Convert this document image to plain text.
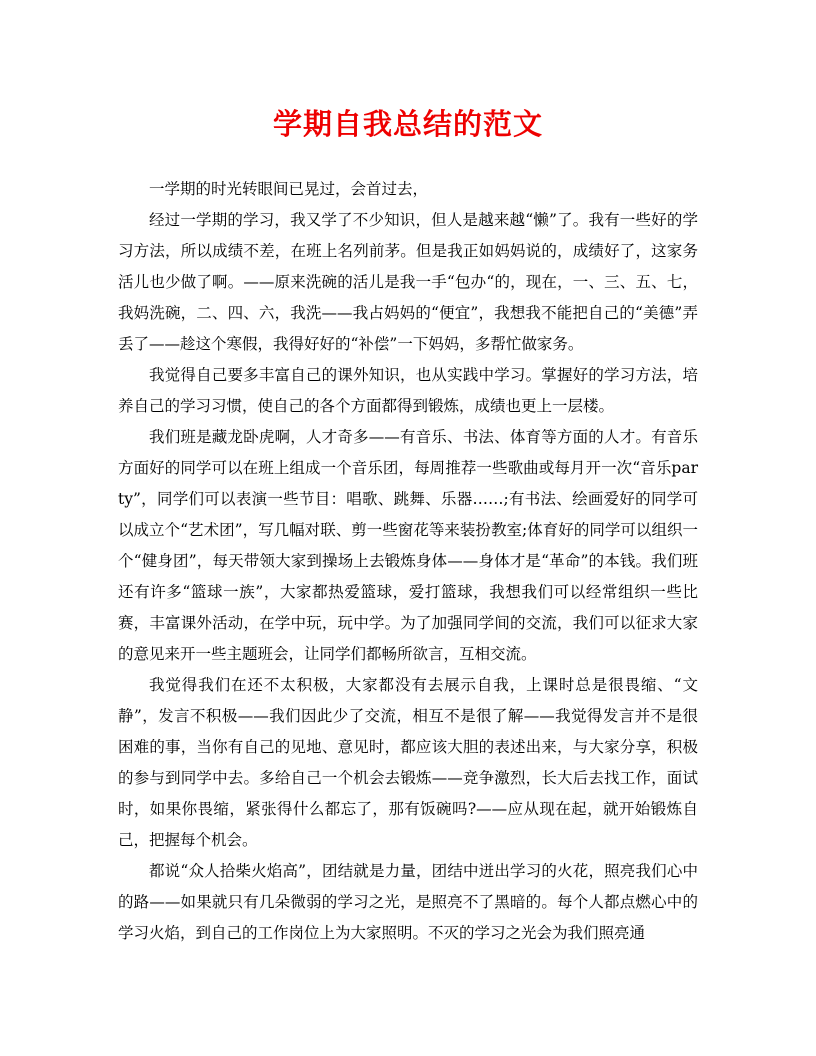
学期自我总结的范文

一学期的时光转眼间已晃过，会首过去，

经过一学期的学习，我又学了不少知识，但人是越来越“懒”了。我有一些好的学习方法，所以成绩不差，在班上名列前茅。但是我正如妈妈说的，成绩好了，这家务活儿也少做了啊。——原来洗碗的活儿是我一手“包办“的，现在，一、三、五、七，我妈洗碗，二、四、六，我洗——我占妈妈的“便宜”，我想我不能把自己的“美德”弄丢了——趁这个寒假，我得好好的“补偿”一下妈妈，多帮忙做家务。

我觉得自己要多丰富自己的课外知识，也从实践中学习。掌握好的学习方法，培养自己的学习习惯，使自己的各个方面都得到锻炼，成绩也更上一层楼。

我们班是藏龙卧虎啊，人才奇多——有音乐、书法、体育等方面的人才。有音乐方面好的同学可以在班上组成一个音乐团，每周推荐一些歌曲或每月开一次“音乐party”，同学们可以表演一些节目：唱歌、跳舞、乐器……;有书法、绘画爱好的同学可以成立个“艺术团”，写几幅对联、剪一些窗花等来装扮教室;体育好的同学可以组织一个“健身团”，每天带领大家到操场上去锻炼身体——身体才是“革命”的本钱。我们班还有许多“篮球一族”，大家都热爱篮球，爱打篮球，我想我们可以经常组织一些比赛，丰富课外活动，在学中玩，玩中学。为了加强同学间的交流，我们可以征求大家的意见来开一些主题班会，让同学们都畅所欲言，互相交流。

我觉得我们在还不太积极，大家都没有去展示自我，上课时总是很畏缩、“文静”，发言不积极——我们因此少了交流，相互不是很了解——我觉得发言并不是很困难的事，当你有自己的见地、意见时，都应该大胆的表述出来，与大家分享，积极的参与到同学中去。多给自己一个机会去锻炼——竞争激烈，长大后去找工作，面试时，如果你畏缩，紧张得什么都忘了，那有饭碗吗?——应从现在起，就开始锻炼自己，把握每个机会。

都说“众人拾柴火焰高”，团结就是力量，团结中迸出学习的火花，照亮我们心中的路——如果就只有几朵微弱的学习之光，是照亮不了黑暗的。每个人都点燃心中的学习火焰，到自己的工作岗位上为大家照明。不灭的学习之光会为我们照亮通
